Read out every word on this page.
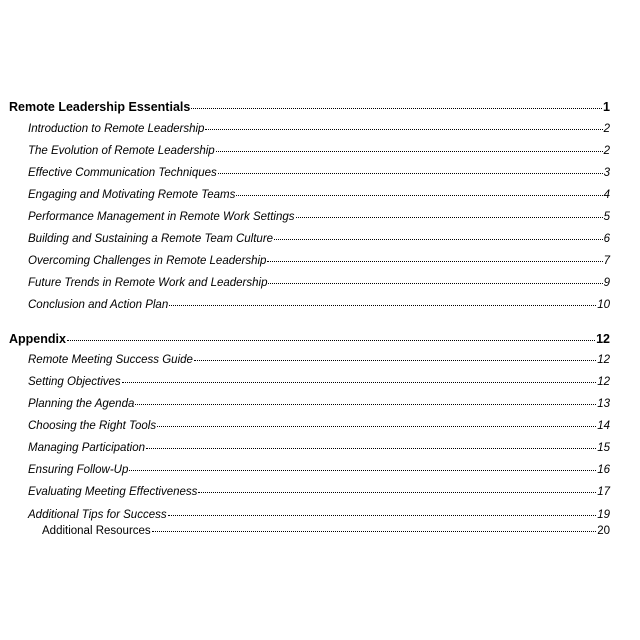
Remote Leadership Essentials	1
Introduction to Remote Leadership	2
The Evolution of Remote Leadership	2
Effective Communication Techniques	3
Engaging and Motivating Remote Teams	4
Performance Management in Remote Work Settings	5
Building and Sustaining a Remote Team Culture	6
Overcoming Challenges in Remote Leadership	7
Future Trends in Remote Work and Leadership	9
Conclusion and Action Plan	10
Appendix	12
Remote Meeting Success Guide	12
Setting Objectives	12
Planning the Agenda	13
Choosing the Right Tools	14
Managing Participation	15
Ensuring Follow-Up	16
Evaluating Meeting Effectiveness	17
Additional Tips for Success	19
Additional Resources	20
